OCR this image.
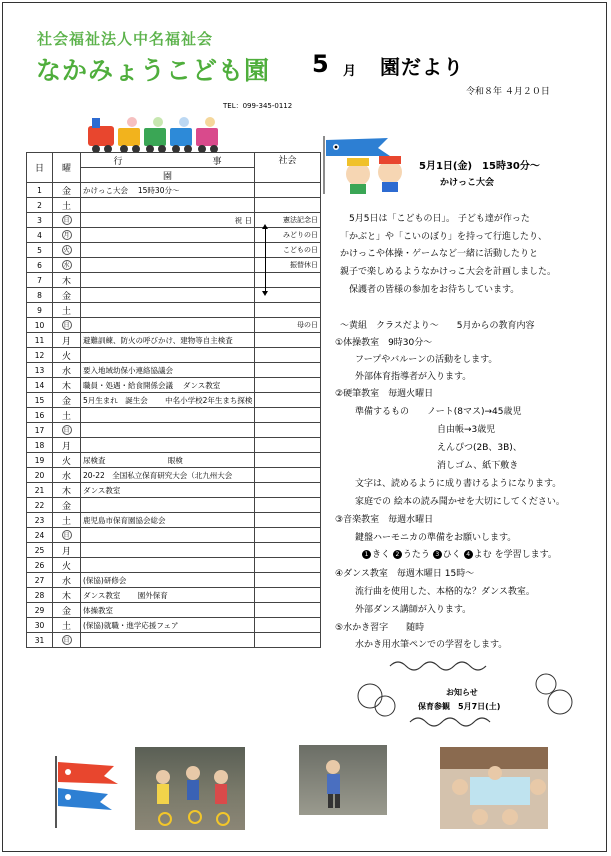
社会福祉法人中名福祉会
なかみょうこども園 5 月 園だより
令和８年 ４月２０日
TEL：099-345-0112
日	曜	行　　　　　　　　　　事	社会
		園	
1	金	かけっこ大会　 15時30分～	
2	土		
3	日	祝 日	憲法記念日
4	月		みどりの日
5	火		こどもの日
6	水		振替休日
7	木		
8	金		
9	土		
10	日		母の日
11	月	避難訓練、防火の呼びかけ、建物等自主検査	
12	火		
13	水	要入地域幼保小連絡協議会	
14	木	職員・処遇・給食開係会議　 ダンス教室	
15	金	5月生まれ　誕生会　　 中名小学校2年生まち探検	
16	土		
17	日		
18	月		
19	火	尿検査　　　　　　　　 眼検	
20	水	20-22　全国私立保育研究大会（北九州大会	
21	木	ダンス教室	
22	金		
23	土	鹿児島市保育園協会総会	
24	日		
25	月		
26	火		
27	水	(保協)研修会	
28	木	ダンス教室　　 園外保育	
29	金	体操教室	
30	土	(保協)就職・進学応援フェア	
31	日		
5月1日(金)　15時30分～
かけっこ大会
5月5日は「こどもの日」。 子ども達が作った
「かぶと」や「こいのぼり」を持って行進したり、
かけっこや体操・ゲームなど一緒に活動したりと
親子で楽しめるようなかけっこ大会を計画しました。
保護者の皆様の参加をお待ちしています。
～黄組　クラスだより～　　5月からの教育内容
①体操教室　9時30分～
フープやバルーンの活動をします。
外部体育指導者が入ります。
②硬筆教室　毎週火曜日
準備するもの　　ノート(8マス)→45歳児
自由帳→3歳児
えんぴつ(2B、3B)、
消しゴム、紙下敷き
文字は、読めるように成り書けるようになります。
家庭での 絵本の読み聞かせを大切にしてください。
③音楽教室　毎週水曜日
鍵盤ハーモニカの準備をお願いします。
1 きく 2 うたう 3 ひく 4 よむ を学習します。
④ダンス教室　毎週木曜日 15時～
流行曲を使用した、本格的な？ダンス教室。
外部ダンス講師が入ります。
⑤水かき習字　　随時
水かき用水筆ペンでの学習をします。
お知らせ
保育参観　5月7日(土)
